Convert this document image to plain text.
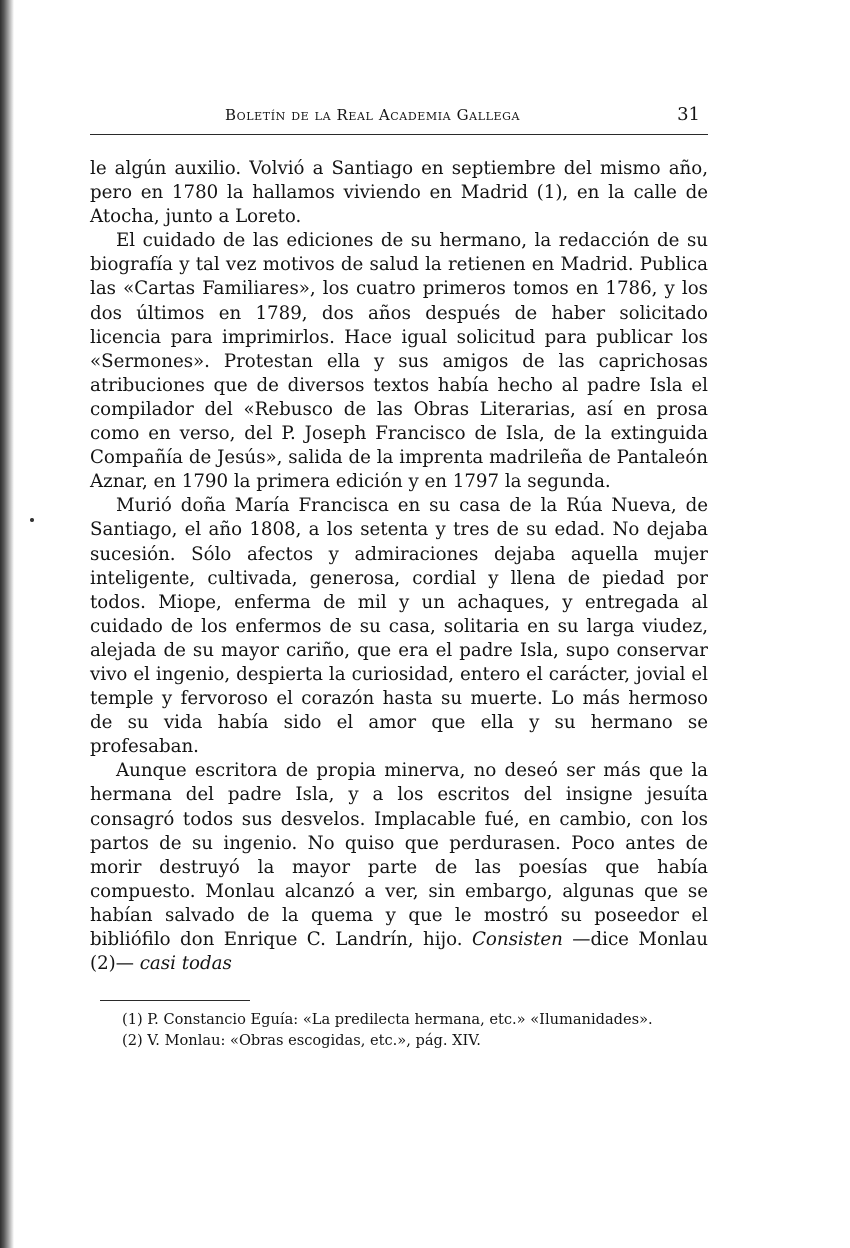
Boletín de la Real Academia Gallega	31

le algún auxilio. Volvió a Santiago en septiembre del mismo año, pero en 1780 la hallamos viviendo en Madrid (1), en la calle de Atocha, junto a Loreto.

El cuidado de las ediciones de su hermano, la redacción de su biografía y tal vez motivos de salud la retienen en Madrid. Publica las «Cartas Familiares», los cuatro primeros tomos en 1786, y los dos últimos en 1789, dos años después de haber solicitado licencia para imprimirlos. Hace igual solicitud para publicar los «Sermones». Protestan ella y sus amigos de las caprichosas atribuciones que de diversos textos había hecho al padre Isla el compilador del «Rebusco de las Obras Literarias, así en prosa como en verso, del P. Joseph Francisco de Isla, de la extinguida Compañía de Jesús», salida de la imprenta madrileña de Pantaleón Aznar, en 1790 la primera edición y en 1797 la segunda.

Murió doña María Francisca en su casa de la Rúa Nueva, de Santiago, el año 1808, a los setenta y tres de su edad. No dejaba sucesión. Sólo afectos y admiraciones dejaba aquella mujer inteligente, cultivada, generosa, cordial y llena de piedad por todos. Miope, enferma de mil y un achaques, y entregada al cuidado de los enfermos de su casa, solitaria en su larga viudez, alejada de su mayor cariño, que era el padre Isla, supo conservar vivo el ingenio, despierta la curiosidad, entero el carácter, jovial el temple y fervoroso el corazón hasta su muerte. Lo más hermoso de su vida había sido el amor que ella y su hermano se profesaban.

Aunque escritora de propia minerva, no deseó ser más que la hermana del padre Isla, y a los escritos del insigne jesuíta consagró todos sus desvelos. Implacable fué, en cambio, con los partos de su ingenio. No quiso que perdurasen. Poco antes de morir destruyó la mayor parte de las poesías que había compuesto. Monlau alcanzó a ver, sin embargo, algunas que se habían salvado de la quema y que le mostró su poseedor el bibliófilo don Enrique C. Landrín, hijo. Consisten —dice Monlau (2)— casi todas

(1) P. Constancio Eguía: «La predilecta hermana, etc.» «Ilumanidades».

(2) V. Monlau: «Obras escogidas, etc.», pág. XIV.
